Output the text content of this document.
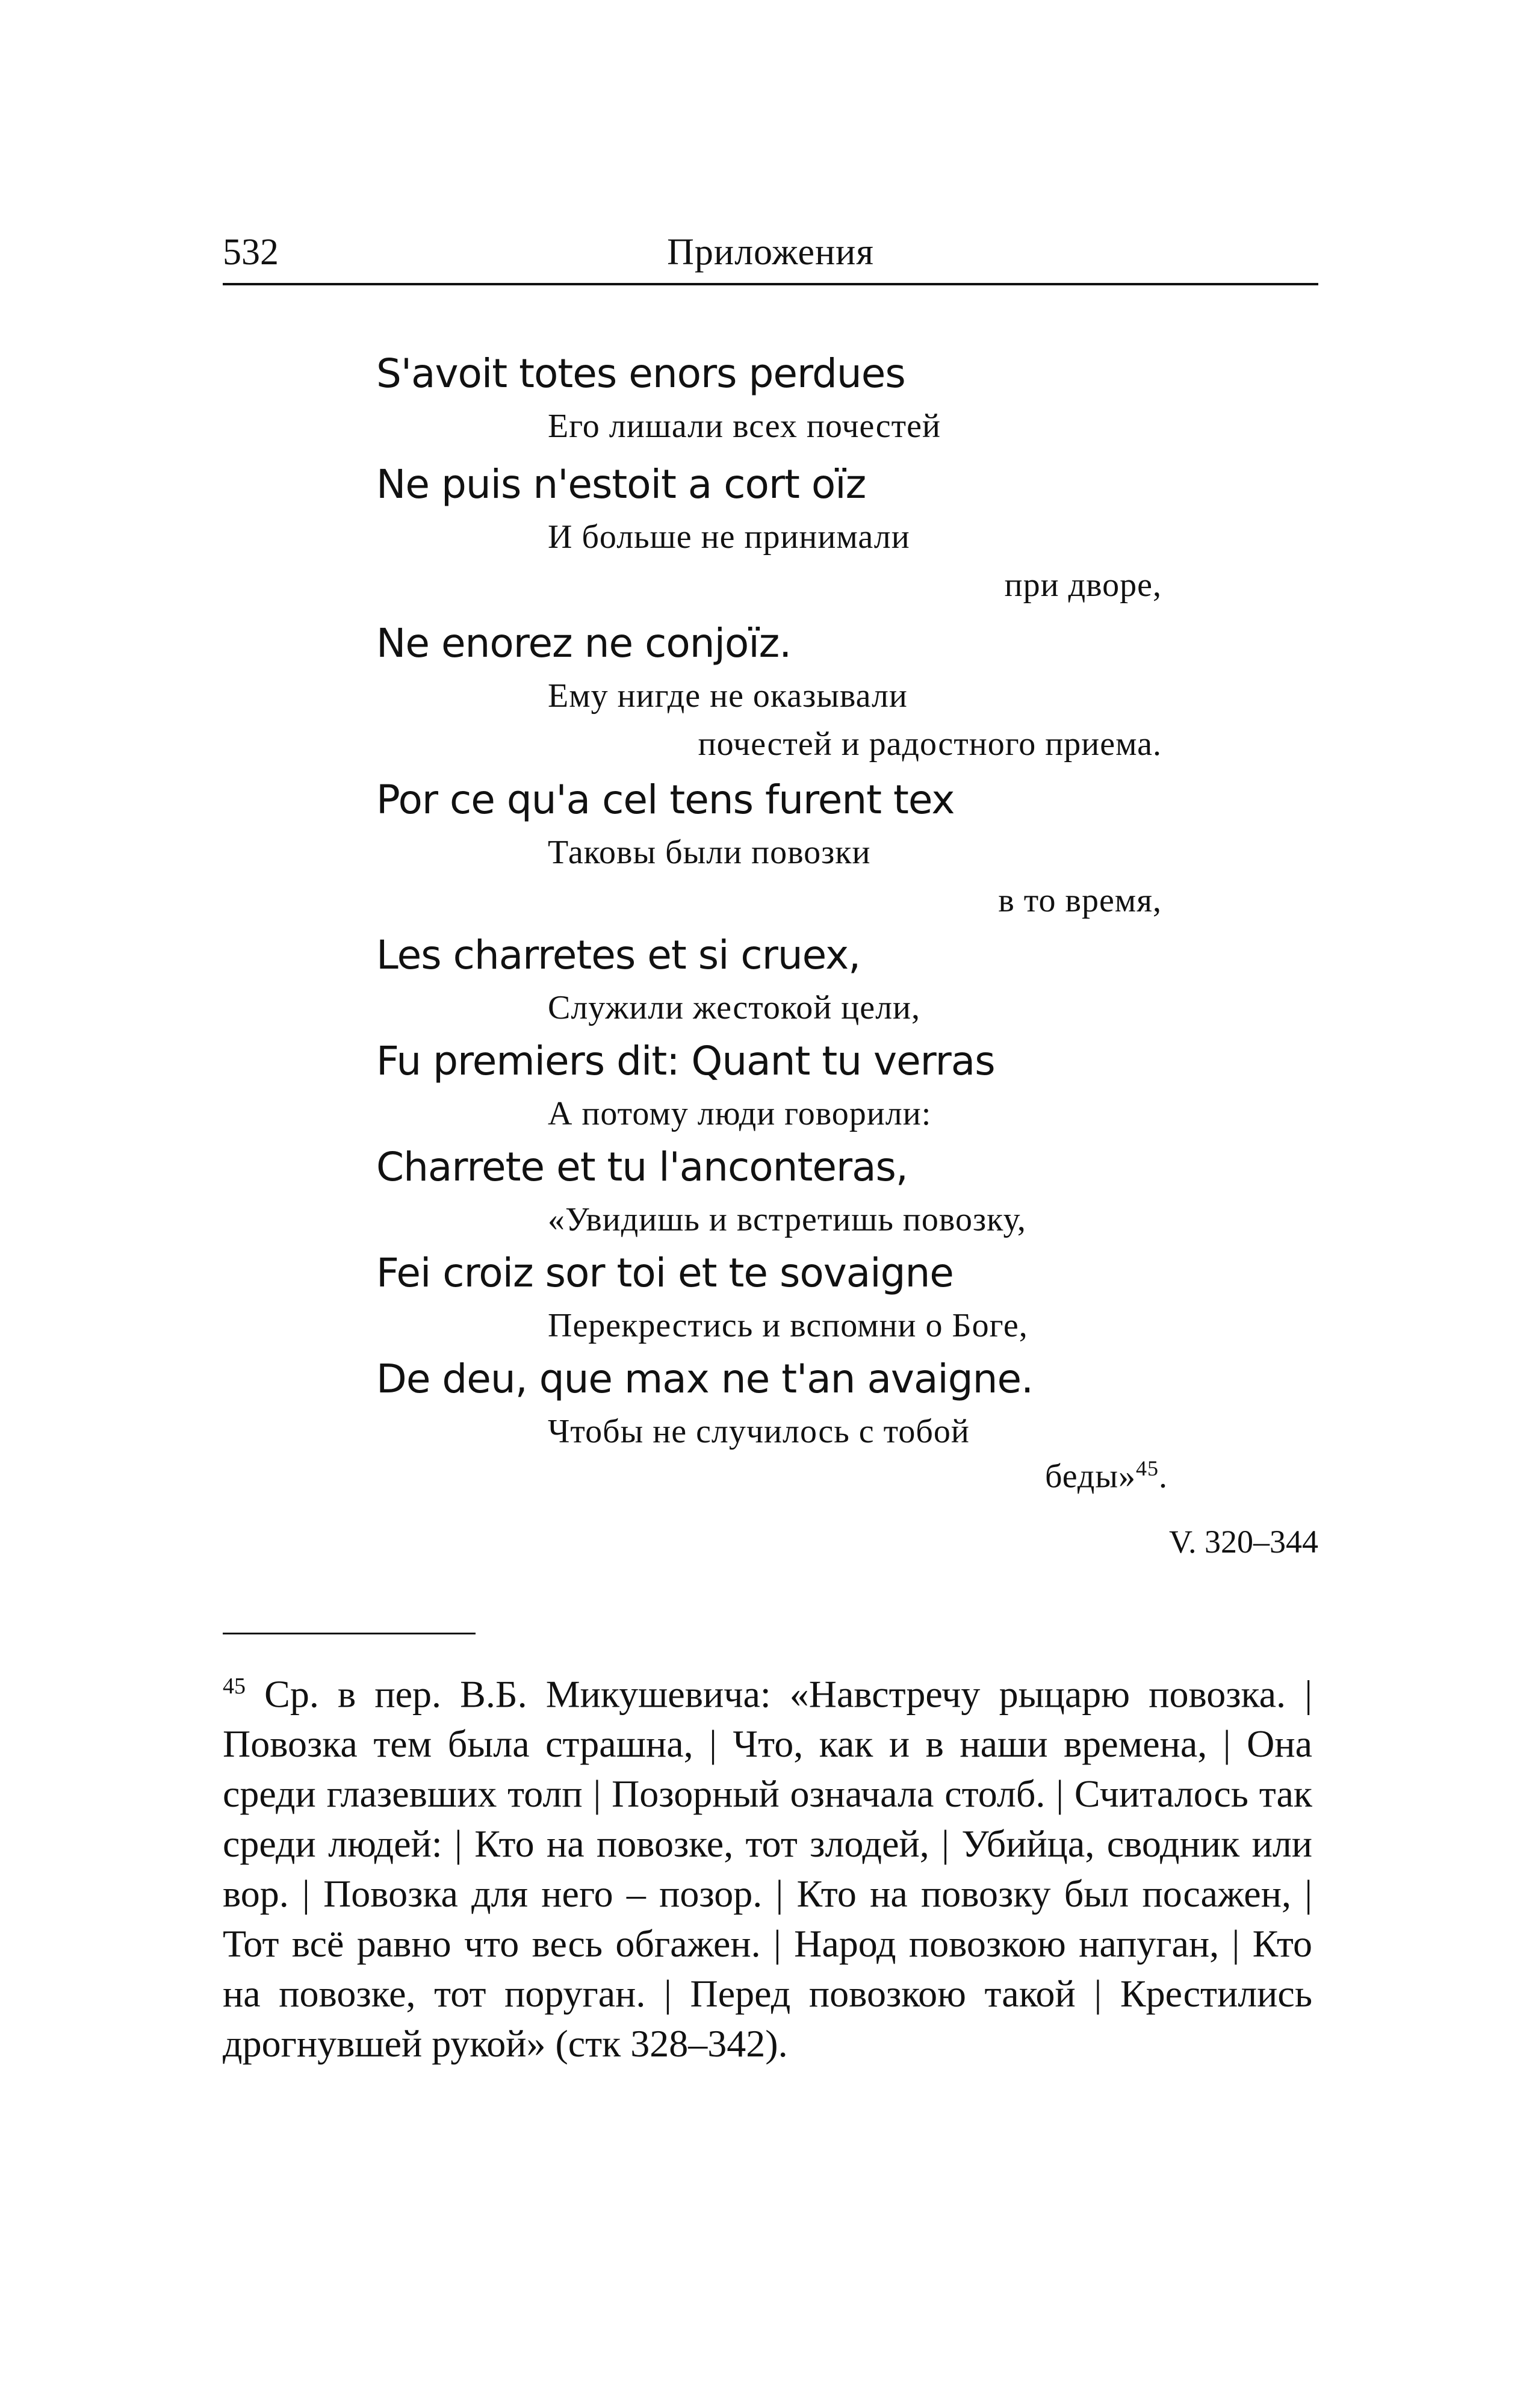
532	Приложения
S'avoit totes enors perdues
Его лишали всех почестей
Ne puis n'estoit a cort oïz
И больше не принимали
при дворе,
Ne enorez ne conjoïz.
Ему нигде не оказывали
почестей и радостного приема.
Por ce qu'a cel tens furent tex
Таковы были повозки
в то время,
Les charretes et si cruex,
Служили жестокой цели,
Fu premiers dit: Quant tu verras
А потому люди говорили:
Charrete et tu l'anconteras,
«Увидишь и встретишь повозку,
Fei croiz sor toi et te sovaigne
Перекрестись и вспомни о Боге,
De deu, que max ne t'an avaigne.
Чтобы не случилось с тобой
беды»$^{45}$.
V. 320–344

$^{45}$ Ср. в пер. В.Б. Микушевича: «Навстречу рыцарю повозка. | Повозка тем была страшна, | Что, как и в наши времена, | Она среди глазевших толп | Позорный означала столб. | Считалось так среди людей: | Кто на повозке, тот злодей, | Убийца, сводник или вор. | Повозка для него – позор. | Кто на повозку был посажен, | Тот всё равно что весь обгажен. | Народ повозкою напуган, | Кто на повозке, тот поруган. | Перед повозкою такой | Крестились дрогнувшей рукой» (стк 328–342).
